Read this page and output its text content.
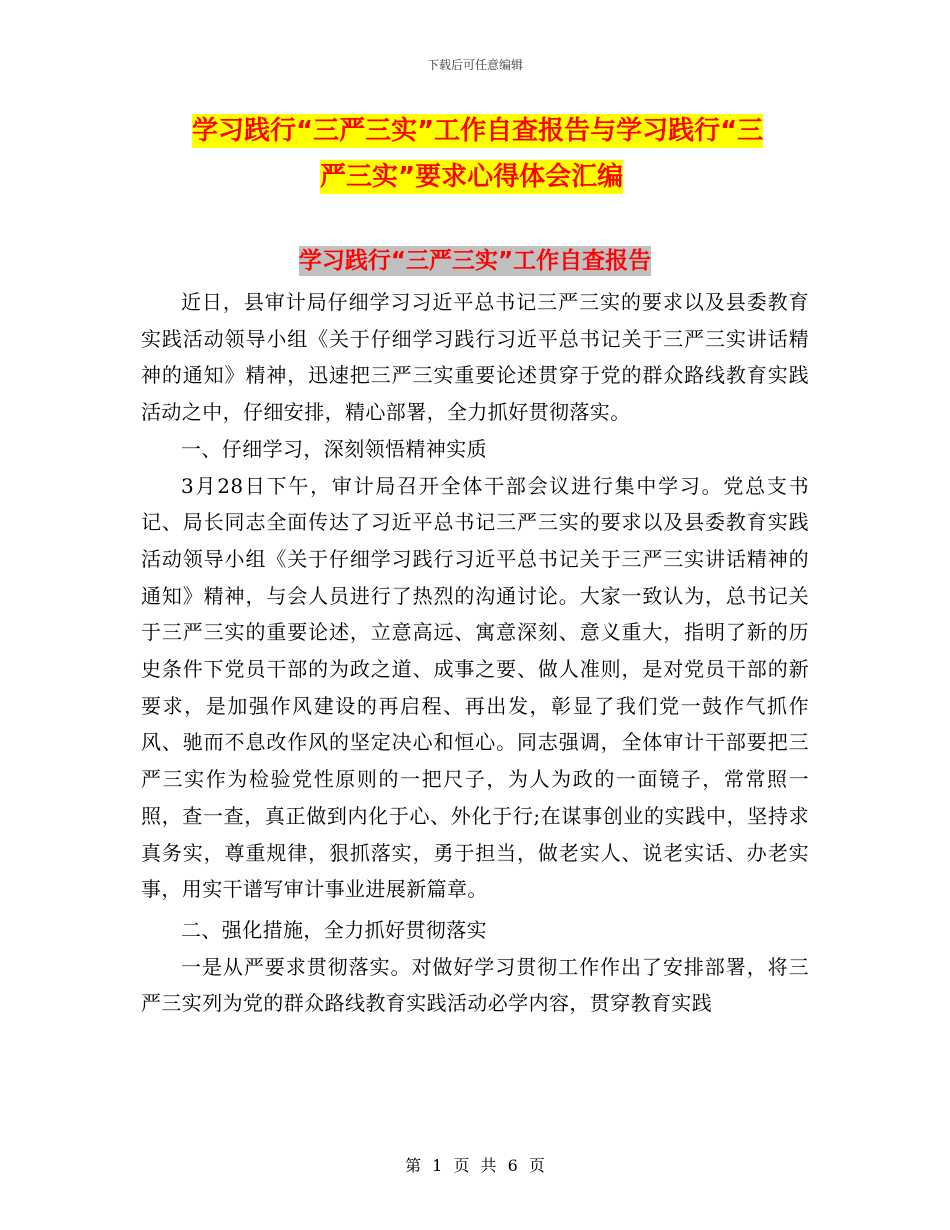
下载后可任意编辑
学习践行“三严三实”工作自查报告与学习践行“三
严三实”要求心得体会汇编
学习践行“三严三实”工作自查报告

近日，县审计局仔细学习习近平总书记三严三实的要求以及县委教育实践活动领导小组《关于仔细学习践行习近平总书记关于三严三实讲话精神的通知》精神，迅速把三严三实重要论述贯穿于党的群众路线教育实践活动之中，仔细安排，精心部署，全力抓好贯彻落实。

一、仔细学习，深刻领悟精神实质

3月28日下午，审计局召开全体干部会议进行集中学习。党总支书记、局长同志全面传达了习近平总书记三严三实的要求以及县委教育实践活动领导小组《关于仔细学习践行习近平总书记关于三严三实讲话精神的通知》精神，与会人员进行了热烈的沟通讨论。大家一致认为，总书记关于三严三实的重要论述，立意高远、寓意深刻、意义重大，指明了新的历史条件下党员干部的为政之道、成事之要、做人准则，是对党员干部的新要求，是加强作风建设的再启程、再出发，彰显了我们党一鼓作气抓作风、驰而不息改作风的坚定决心和恒心。同志强调，全体审计干部要把三严三实作为检验党性原则的一把尺子，为人为政的一面镜子，常常照一照，查一查，真正做到内化于心、外化于行;在谋事创业的实践中，坚持求真务实，尊重规律，狠抓落实，勇于担当，做老实人、说老实话、办老实事，用实干谱写审计事业进展新篇章。

二、强化措施，全力抓好贯彻落实

一是从严要求贯彻落实。对做好学习贯彻工作作出了安排部署，将三严三实列为党的群众路线教育实践活动必学内容，贯穿教育实践

第 1 页 共 6 页
